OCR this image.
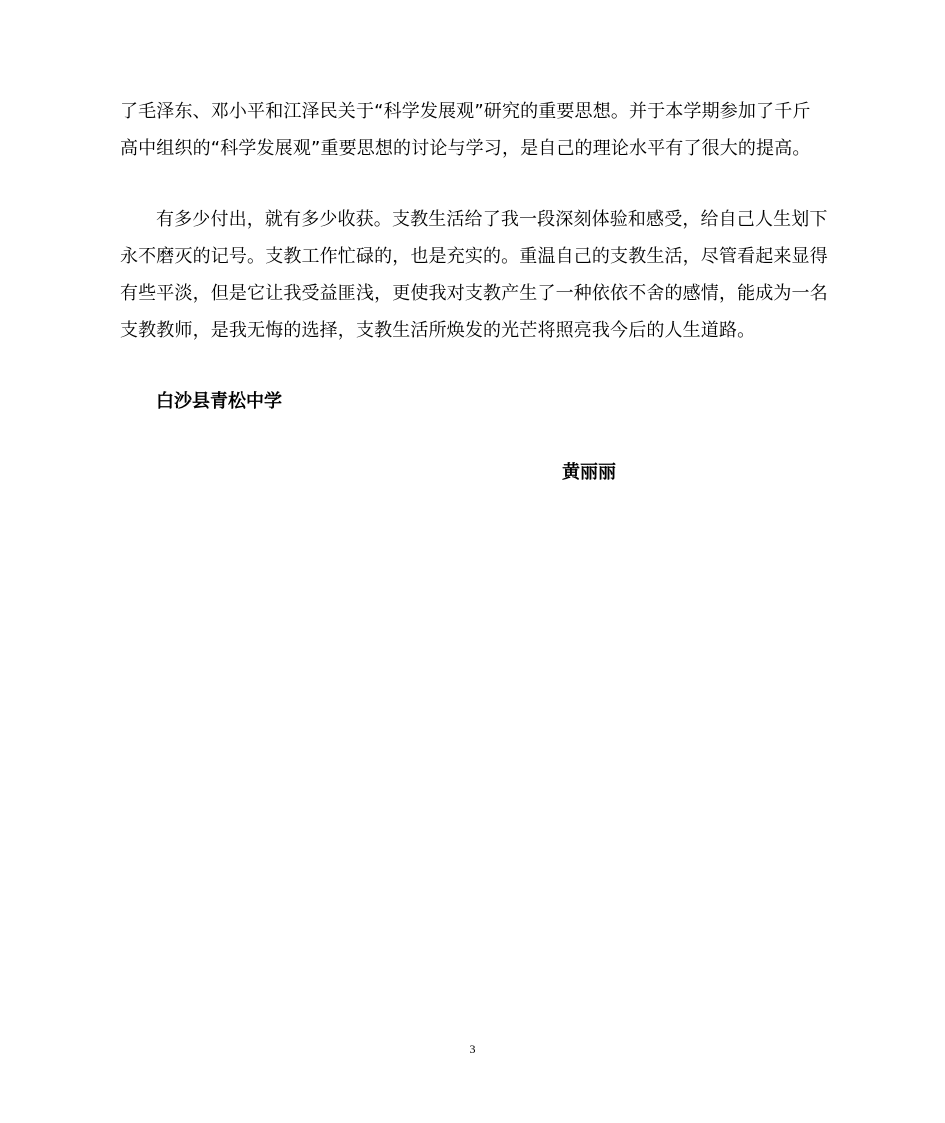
了毛泽东、邓小平和江泽民关于“科学发展观”研究的重要思想。并于本学期参加了千斤
高中组织的“科学发展观”重要思想的讨论与学习，是自己的理论水平有了很大的提高。
有多少付出，就有多少收获。支教生活给了我一段深刻体验和感受，给自己人生划下
永不磨灭的记号。支教工作忙碌的，也是充实的。重温自己的支教生活，尽管看起来显得
有些平淡，但是它让我受益匪浅，更使我对支教产生了一种依依不舍的感情，能成为一名
支教教师，是我无悔的选择，支教生活所焕发的光芒将照亮我今后的人生道路。
白沙县青松中学
黄丽丽
3
